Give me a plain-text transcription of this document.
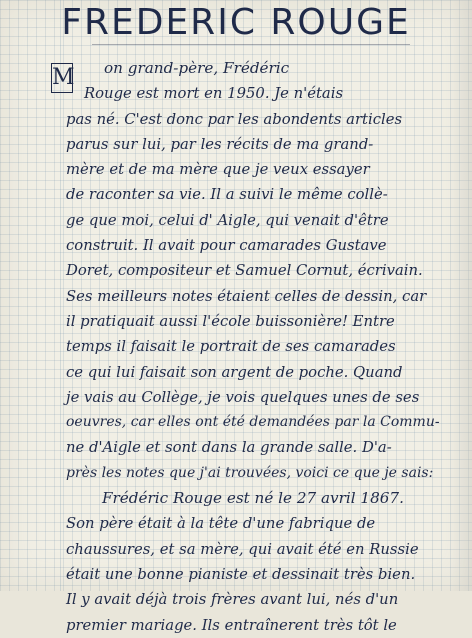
FREDERIC ROUGE
M	on grand-père, Frédéric
Rouge est mort en 1950. Je n'étais
pas né. C'est donc par les abondents articles
parus sur lui, par les récits de ma grand-
mère et de ma mère que je veux essayer
de raconter sa vie. Il a suivi le même collè-
ge que moi, celui d' Aigle, qui venait d'être
construit. Il avait pour camarades Gustave
Doret, compositeur et Samuel Cornut, écrivain.
Ses meilleurs notes étaient celles de dessin, car
il pratiquait aussi l'école buissonière! Entre
temps il faisait le portrait de ses camarades
ce qui lui faisait son argent de poche. Quand
je vais au Collège, je vois quelques unes de ses
oeuvres, car elles ont été demandées par la Commu-
ne d'Aigle et sont dans la grande salle. D'a-
près les notes que j'ai trouvées, voici ce que je sais:
Frédéric Rouge est né le 27 avril 1867.
Son père était à la tête d'une fabrique de
chaussures, et sa mère, qui avait été en Russie
était une bonne pianiste et dessinait très bien.
Il y avait déjà trois frères avant lui, nés d'un
premier mariage. Ils entraînerent très tôt le
